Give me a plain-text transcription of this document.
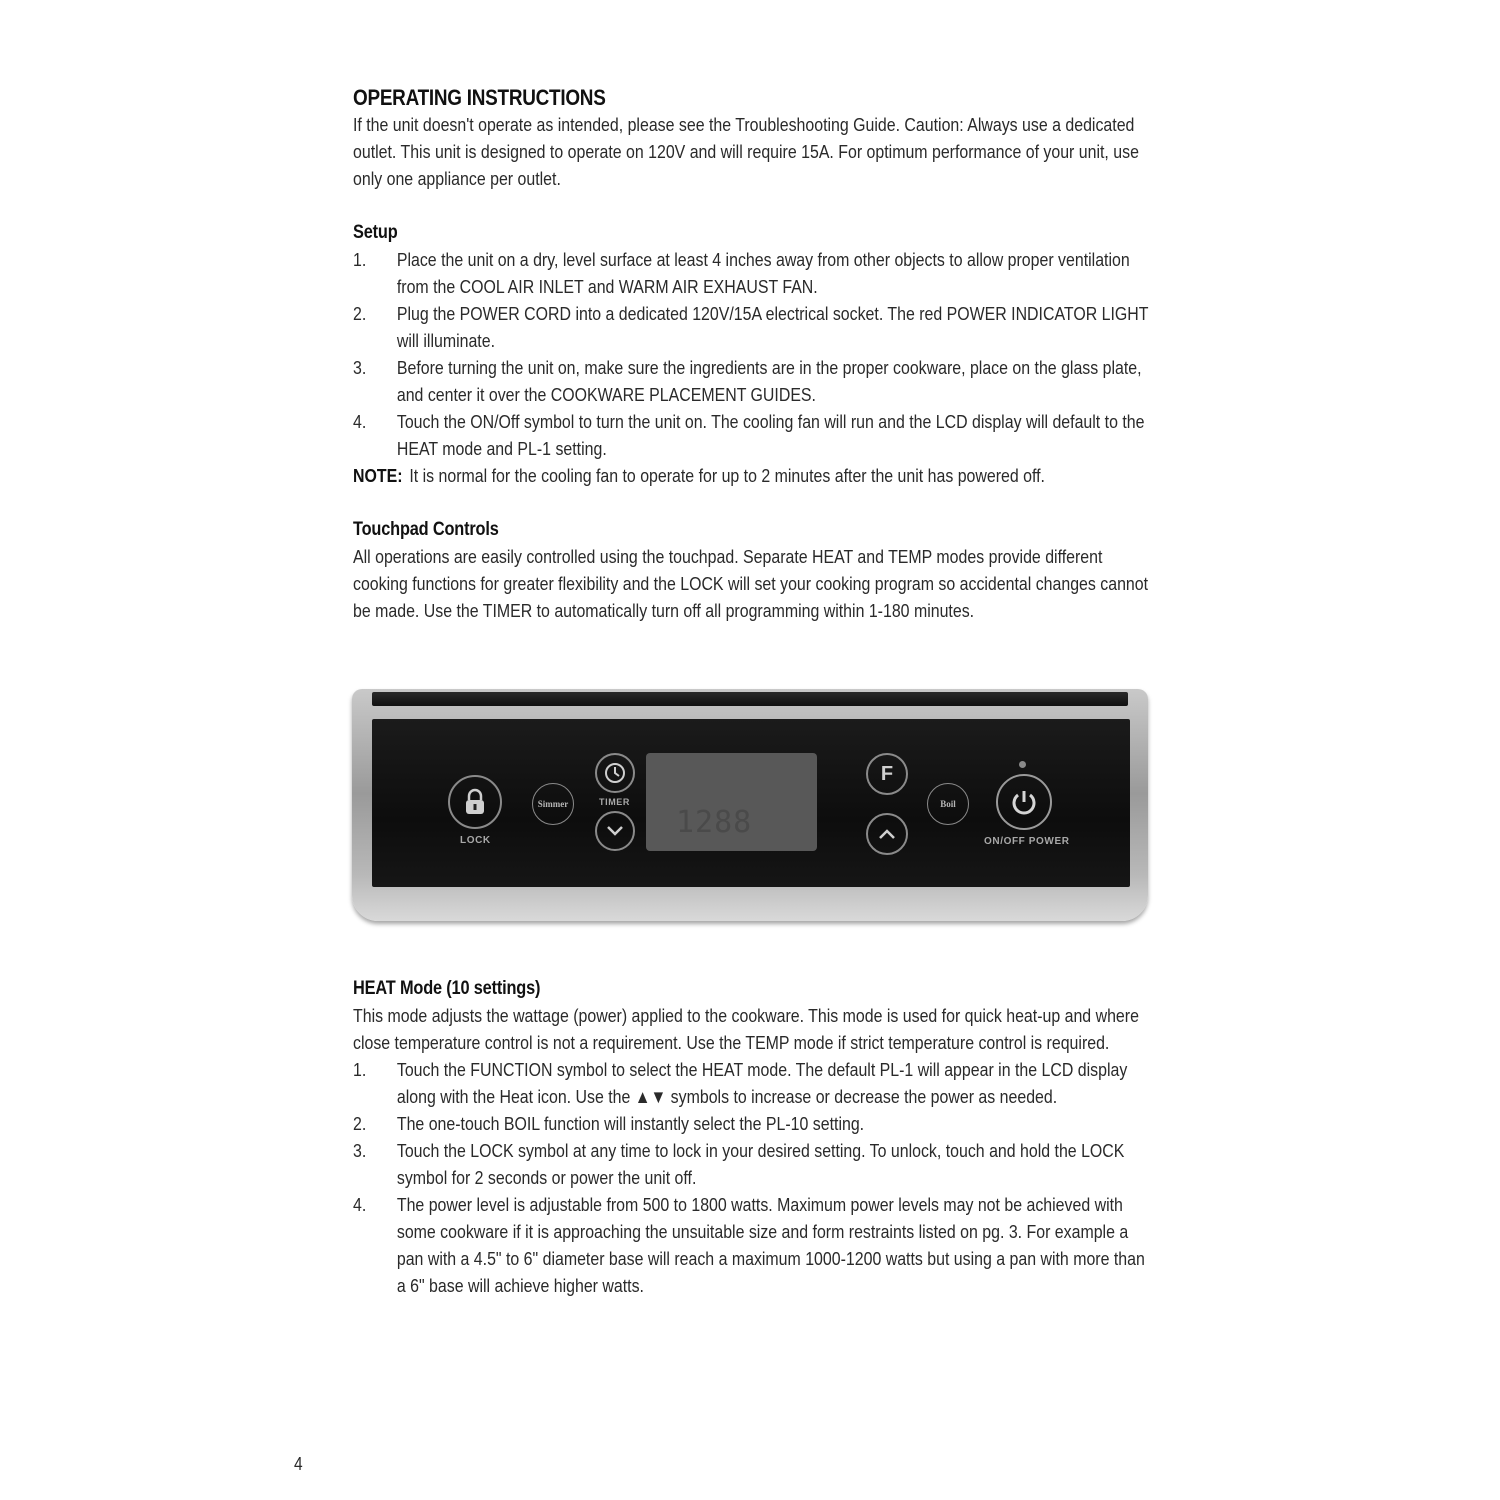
OPERATING INSTRUCTIONS

If the unit doesn't operate as intended, please see the Troubleshooting Guide. Caution: Always use a dedicated outlet. This unit is designed to operate on 120V and will require 15A. For optimum performance of your unit, use only one appliance per outlet.

Setup
1. Place the unit on a dry, level surface at least 4 inches away from other objects to allow proper ventilation from the COOL AIR INLET and WARM AIR EXHAUST FAN.
2. Plug the POWER CORD into a dedicated 120V/15A electrical socket. The red POWER INDICATOR LIGHT will illuminate.
3. Before turning the unit on, make sure the ingredients are in the proper cookware, place on the glass plate, and center it over the COOKWARE PLACEMENT GUIDES.
4. Touch the ON/Off symbol to turn the unit on. The cooling fan will run and the LCD display will default to the HEAT mode and PL-1 setting.

NOTE: It is normal for the cooling fan to operate for up to 2 minutes after the unit has powered off.

Touchpad Controls

All operations are easily controlled using the touchpad. Separate HEAT and TEMP modes provide different cooking functions for greater flexibility and the LOCK will set your cooking program so accidental changes cannot be made. Use the TIMER to automatically turn off all programming within 1-180 minutes.

LOCK
Simmer	TIMER
1288
F
Boil
ON/OFF POWER
HEAT Mode (10 settings)

This mode adjusts the wattage (power) applied to the cookware. This mode is used for quick heat-up and where close temperature control is not a requirement. Use the TEMP mode if strict temperature control is required.

1. Touch the FUNCTION symbol to select the HEAT mode. The default PL-1 will appear in the LCD display along with the Heat icon. Use the ▲▼ symbols to increase or decrease the power as needed.
2. The one-touch BOIL function will instantly select the PL-10 setting.
3. Touch the LOCK symbol at any time to lock in your desired setting. To unlock, touch and hold the LOCK symbol for 2 seconds or power the unit off.
4. The power level is adjustable from 500 to 1800 watts. Maximum power levels may not be achieved with some cookware if it is approaching the unsuitable size and form restraints listed on pg. 3. For example a pan with a 4.5" to 6" diameter base will reach a maximum 1000-1200 watts but using a pan with more than a 6" base will achieve higher watts.
4
